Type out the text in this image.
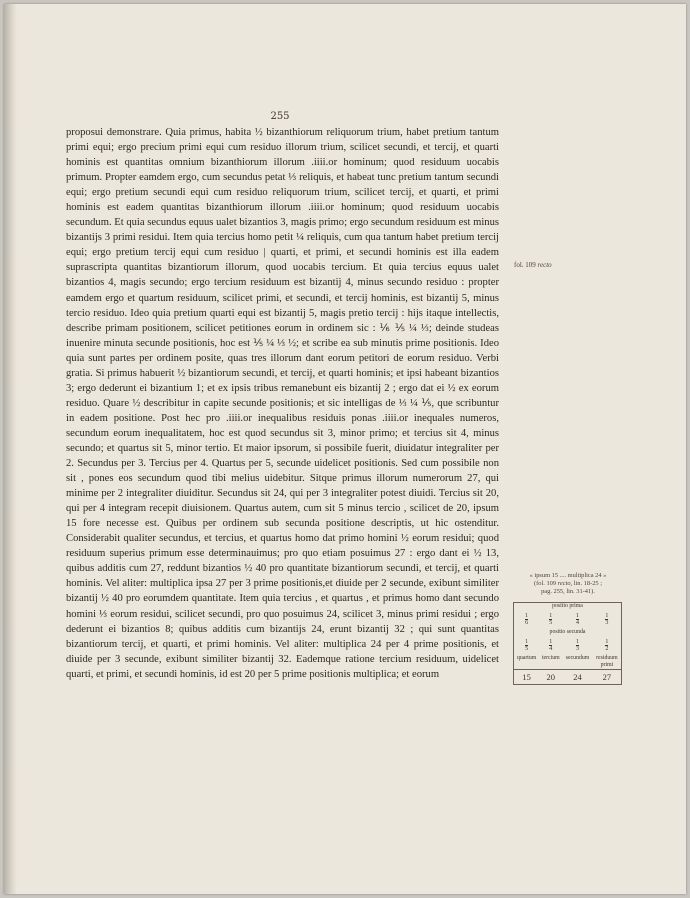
255

proposui demonstrare. Quia primus, habita ½ bizanthiorum reliquorum trium, habet pretium tantum primi equi; ergo precium primi equi cum residuo illorum trium, scilicet secundi, et tercij, et quarti hominis est quantitas omnium bizanthiorum illorum .iiii.or hominum; quod residuum uocabis primum. Propter eamdem ergo, cum secundus petat ⅓ reliquis, et habeat tunc pretium tantum secundi equi; ergo pretium secundi equi cum residuo reliquorum trium, scilicet tercij, et quarti, et primi hominis est eadem quantitas bizanthiorum illorum .iiii.or hominum; quod residuum uocabis secundum. Et quia secundus equus ualet bizantios 3, magis primo; ergo secundum residuum est minus bizantijs 3 primi residui. Item quia tercius homo petit ¼ reliquis, cum qua tantum habet pretium tercij equi; ergo pretium tercij equi cum residuo | quarti, et primi, et secundi hominis est illa eadem suprascripta quantitas bizantiorum illorum, quod uocabis tercium. Et quia tercius equus ualet bizantios 4, magis secundo; ergo tercium residuum est bizantij 4, minus secundo residuo : propter eamdem ergo et quartum residuum, scilicet primi, et secundi, et tercij hominis, est bizantij 5, minus tercio residuo. Ideo quia pretium quarti equi est bizantij 5, magis pretio tercij : hijs itaque intellectis, describe primam positionem, scilicet petitiones eorum in ordinem sic : ⅙ ⅕ ¼ ⅓; deinde studeas inuenire minuta secunde positionis, hoc est ⅕ ¼ ⅓ ½; et scribe ea sub minutis prime positionis. Ideo quia sunt partes per ordinem posite, quas tres illorum dant eorum petitori de eorum residuo. Verbi gratia. Si primus habuerit ½ bizantiorum secundi, et tercij, et quarti hominis; et ipsi habeant bizantios 3; ergo dederunt ei bizantium 1; et ex ipsis tribus remanebunt eis bizantij 2 ; ergo dat ei ½ ex eorum residuo. Quare ½ describitur in capite secunde positionis; et sic intelligas de ⅓ ¼ ⅕, que scribuntur in eadem positione. Post hec pro .iiii.or inequalibus residuis ponas .iiii.or inequales numeros, secundum eorum inequalitatem, hoc est quod secundus sit 3, minor primo; et tercius sit 4, minus secundo; et quartus sit 5, minor tertio. Et maior ipsorum, si possibile fuerit, diuidatur integraliter per 2. Secundus per 3. Tercius per 4. Quartus per 5, secunde uidelicet positionis. Sed cum possibile non sit , pones eos secundum quod tibi melius uidebitur. Sitque primus illorum numerorum 27, qui minime per 2 integraliter diuiditur. Secundus sit 24, qui per 3 integraliter potest diuidi. Tercius sit 20, qui per 4 integram recepit diuisionem. Quartus autem, cum sit 5 minus tercio , scilicet de 20, ipsum 15 fore necesse est. Quibus per ordinem sub secunda positione descriptis, ut hic ostenditur. Considerabit qualiter secundus, et tercius, et quartus homo dat primo homini ½ eorum residui; quod residuum superius primum esse determinauimus; pro quo etiam posuimus 27 : ergo dant ei ½ 13, quibus additis cum 27, reddunt bizantios ½ 40 pro quantitate bizantiorum secundi, et tercij, et quarti hominis. Vel aliter: multiplica ipsa 27 per 3 prime positionis,et diuide per 2 secunde, exibunt similiter bizantij ½ 40 pro eorumdem quantitate. Item quia tercius , et quartus , et primus homo dant secundo homini ⅓ eorum residui, scilicet secundi, pro quo posuimus 24, scilicet 3, minus primi residui ; ergo dederunt ei bizantios 8; quibus additis cum bizantijs 24, erunt bizantij 32 ; qui sunt quantitas bizantiorum tercij, et quarti, et primi hominis. Vel aliter: multiplica 24 per 4 prime positionis, et diuide per 3 secunde, exibunt similiter bizantij 32. Eademque ratione tercium residuum, uidelicet quarti, et primi, et secundi hominis, id est 20 per 5 prime positionis multiplica; et eorum

fol. 109 recto
« ipsum 15 .... multiplica 24 »
(fol. 109 recto, lin. 18-25 ;
pag. 255, lin. 31-41).
positio prima			
$\frac{1}{6}$	$\frac{1}{5}$	$\frac{1}{4}$	$\frac{1}{3}$

positio secunda			
$\frac{1}{5}$	$\frac{1}{4}$	$\frac{1}{3}$	$\frac{1}{2}$

quartum	tercium	secundum	residuum
			primi
15	20	24	27
